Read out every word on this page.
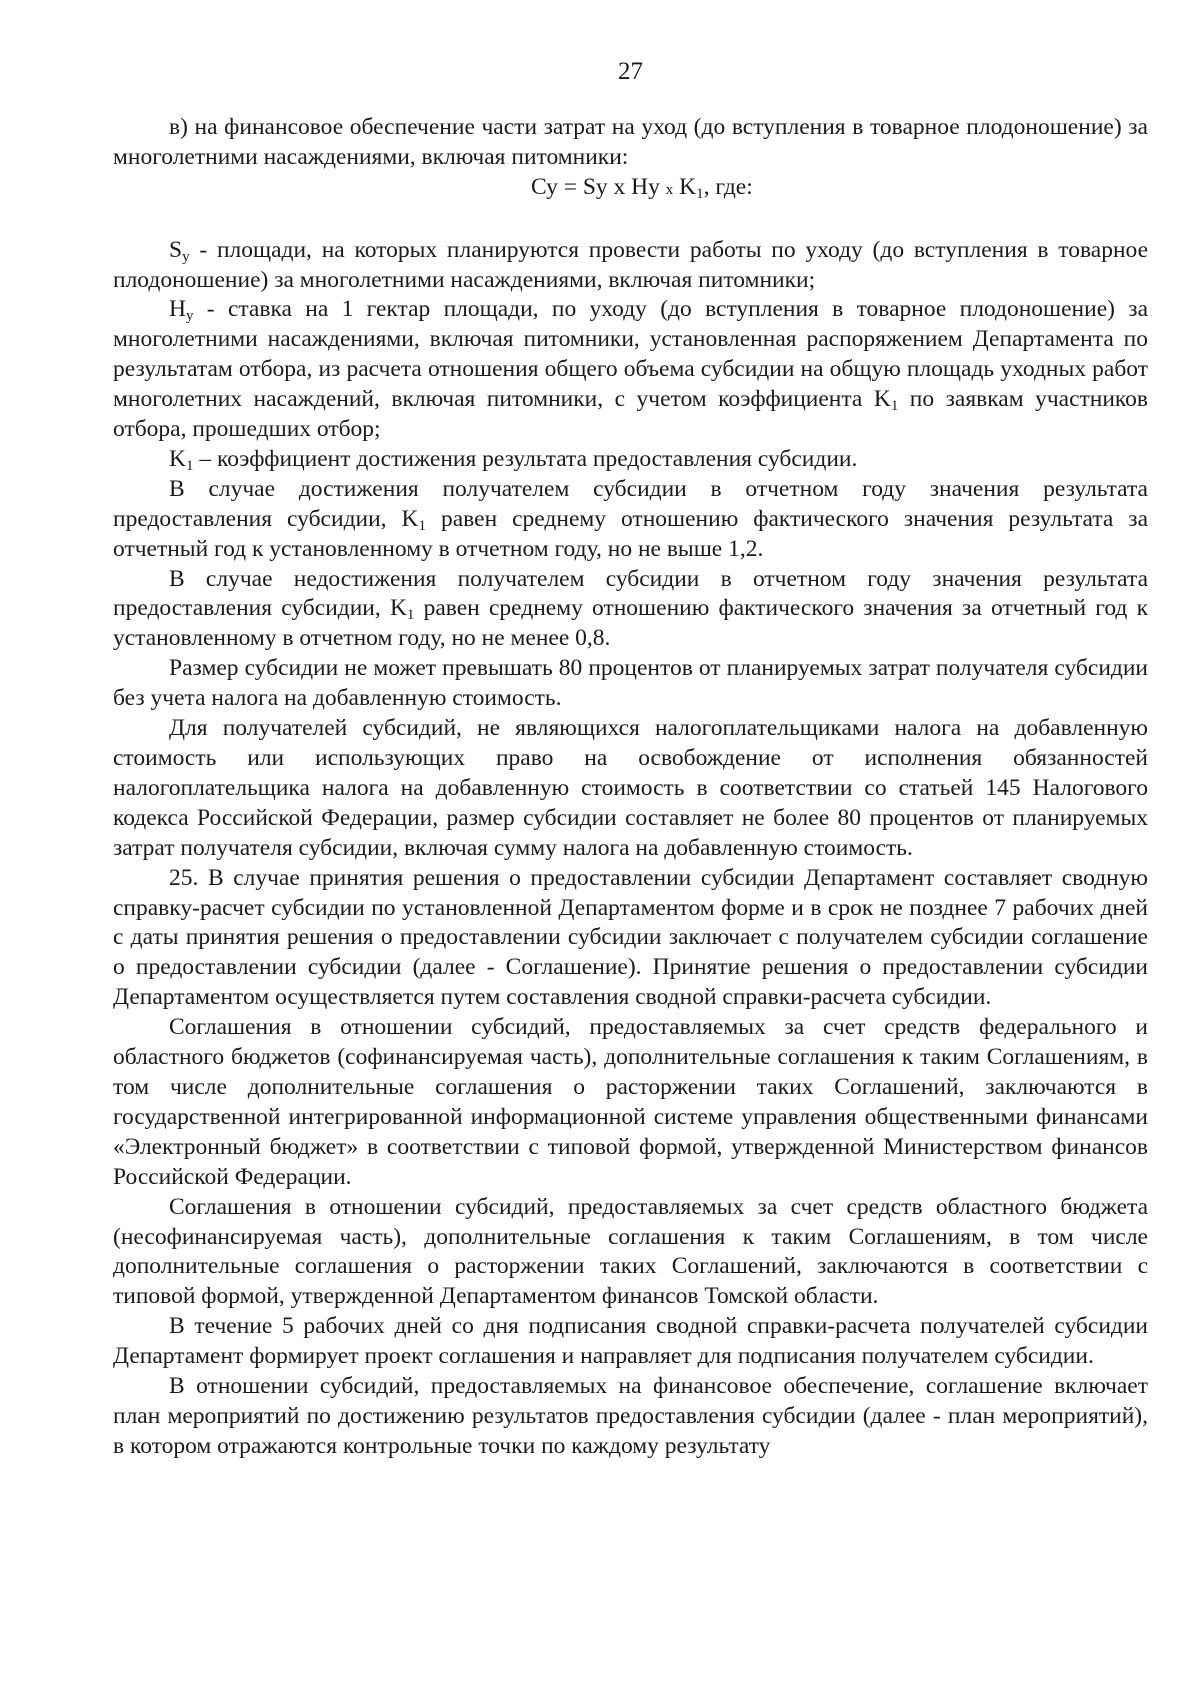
27

в) на финансовое обеспечение части затрат на уход (до вступления в товарное плодоношение) за многолетними насаждениями, включая питомники:

Су = Sу х Нy x $K_1$, где:

$S_у$ - площади, на которых планируются провести работы по уходу (до вступления в товарное плодоношение) за многолетними насаждениями, включая питомники;

$Н_у$ - ставка на 1 гектар площади, по уходу (до вступления в товарное плодоношение) за многолетними насаждениями, включая питомники, установленная распоряжением Департамента по результатам отбора, из расчета отношения общего объема субсидии на общую площадь уходных работ многолетних насаждений, включая питомники, с учетом коэффициента $K_1$ по заявкам участников отбора, прошедших отбор;

$K_1$ – коэффициент достижения результата предоставления субсидии.

В случае достижения получателем субсидии в отчетном году значения результата предоставления субсидии, $K_1$ равен среднему отношению фактического значения результата за отчетный год к установленному в отчетном году, но не выше 1,2.

В случае недостижения получателем субсидии в отчетном году значения результата предоставления субсидии, $K_1$ равен среднему отношению фактического значения за отчетный год к установленному в отчетном году, но не менее 0,8.

Размер субсидии не может превышать 80 процентов от планируемых затрат получателя субсидии без учета налога на добавленную стоимость.

Для получателей субсидий, не являющихся налогоплательщиками налога на добавленную стоимость или использующих право на освобождение от исполнения обязанностей налогоплательщика налога на добавленную стоимость в соответствии со статьей 145 Налогового кодекса Российской Федерации, размер субсидии составляет не более 80 процентов от планируемых затрат получателя субсидии, включая сумму налога на добавленную стоимость.

25. В случае принятия решения о предоставлении субсидии Департамент составляет сводную справку-расчет субсидии по установленной Департаментом форме и в срок не позднее 7 рабочих дней с даты принятия решения о предоставлении субсидии заключает с получателем субсидии соглашение о предоставлении субсидии (далее - Соглашение). Принятие решения о предоставлении субсидии Департаментом осуществляется путем составления сводной справки-расчета субсидии.

Соглашения в отношении субсидий, предоставляемых за счет средств федерального и областного бюджетов (софинансируемая часть), дополнительные соглашения к таким Соглашениям, в том числе дополнительные соглашения о расторжении таких Соглашений, заключаются в государственной интегрированной информационной системе управления общественными финансами «Электронный бюджет» в соответствии с типовой формой, утвержденной Министерством финансов Российской Федерации.

Соглашения в отношении субсидий, предоставляемых за счет средств областного бюджета (несофинансируемая часть), дополнительные соглашения к таким Соглашениям, в том числе дополнительные соглашения о расторжении таких Соглашений, заключаются в соответствии с типовой формой, утвержденной Департаментом финансов Томской области.

В течение 5 рабочих дней со дня подписания сводной справки-расчета получателей субсидии Департамент формирует проект соглашения и направляет для подписания получателем субсидии.

В отношении субсидий, предоставляемых на финансовое обеспечение, соглашение включает план мероприятий по достижению результатов предоставления субсидии (далее - план мероприятий), в котором отражаются контрольные точки по каждому результату
